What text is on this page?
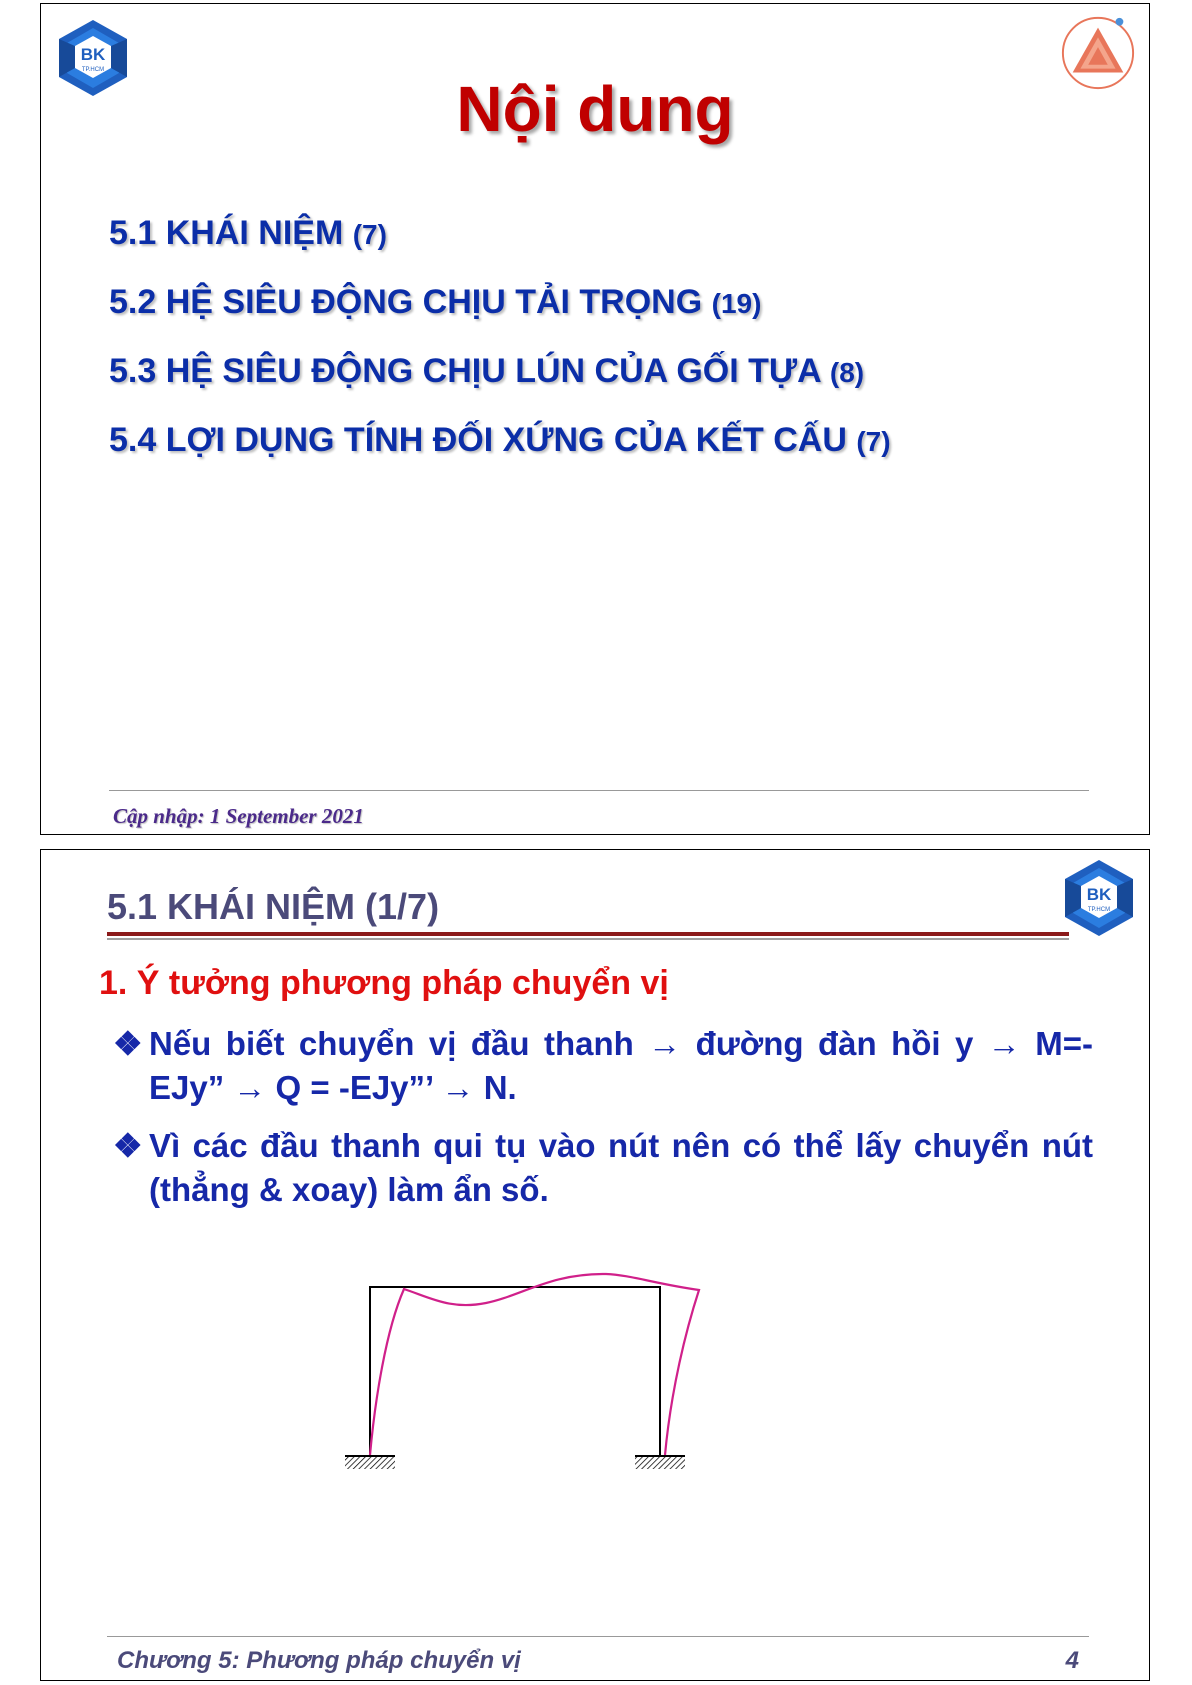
BK
TP.HCM
Nội dung
5.1 KHÁI NIỆM (7)
5.2 HỆ SIÊU ĐỘNG CHỊU TẢI TRỌNG (19)
5.3 HỆ SIÊU ĐỘNG CHỊU LÚN CỦA GỐI TỰA (8)
5.4 LỢI DỤNG TÍNH ĐỐI XỨNG CỦA KẾT CẤU (7)
Cập nhập: 1 September 2021
5.1 KHÁI NIỆM (1/7)	BK
TP.HCM
1. Ý tưởng phương pháp chuyển vị
❖ Nếu biết chuyển vị đầu thanh → đường đàn hồi y → M=-EJy” → Q = -EJy”’ → N.
❖ Vì các đầu thanh qui tụ vào nút nên có thể lấy chuyển nút (thẳng & xoay) làm ẩn số.
Chương 5: Phương pháp chuyển vị	4
